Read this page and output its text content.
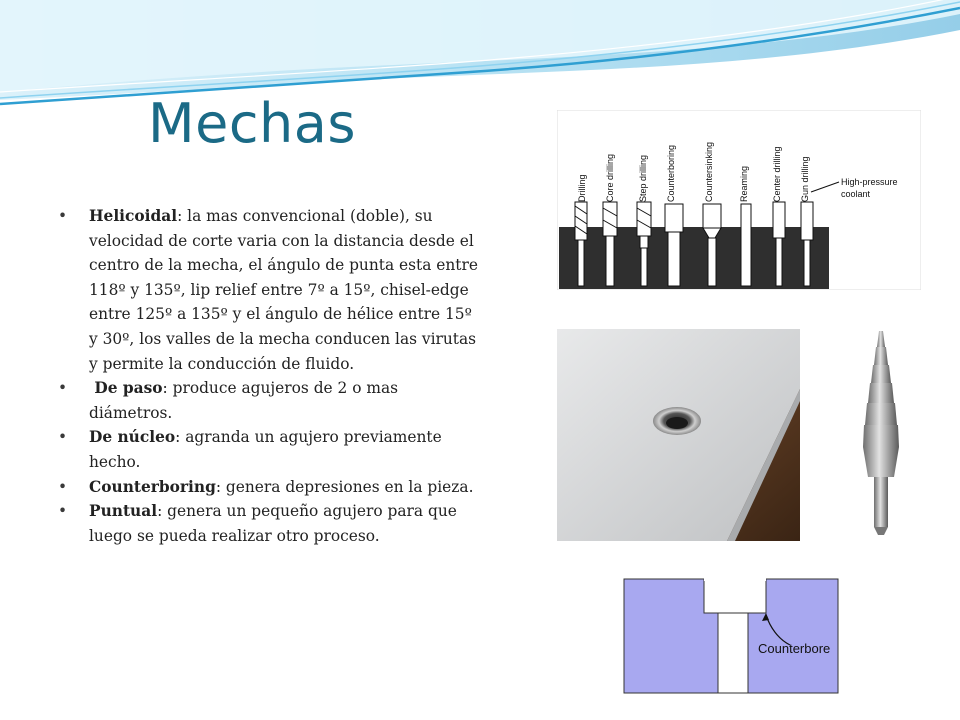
Mechas
• Helicoidal: la mas convencional (doble), su velocidad de corte varia con la distancia desde el centro de la mecha, el ángulo de punta esta entre 118º y 135º, lip relief entre 7º a 15º, chisel-edge entre 125º a 135º y el ángulo de hélice entre 15º y 30º, los valles de la mecha conducen las virutas y permite la conducción de fluido.
• De paso: produce agujeros de 2 o mas diámetros.
• De núcleo: agranda un agujero previamente hecho.
• Counterboring: genera depresiones en la pieza.
• Puntual: genera un pequeño agujero para que luego se pueda realizar otro proceso.
Drilling Core drilling	Step drilling Counterboring	Countersinking	Reaming	Center drilling Gun drilling	High-pressure
coolant
Counterbore
